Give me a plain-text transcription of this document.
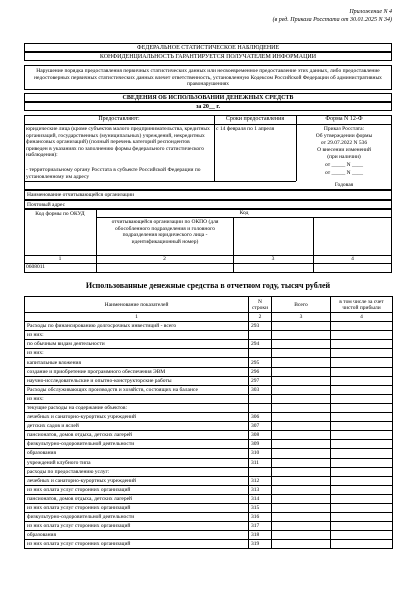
Приложение N 4
(в ред. Приказа Росстата от 30.01.2025 N 34)
ФЕДЕРАЛЬНОЕ СТАТИСТИЧЕСКОЕ НАБЛЮДЕНИЕ
КОНФИДЕНЦИАЛЬНОСТЬ ГАРАНТИРУЕТСЯ ПОЛУЧАТЕЛЕМ ИНФОРМАЦИИ
Нарушение порядка предоставления первичных статистических данных или несвоевременное предоставление этих данных, либо предоставление недостоверных первичных статистических данных влечет ответственность, установленную Кодексом Российской Федерации об административных правонарушениях
СВЕДЕНИЯ ОБ ИСПОЛЬЗОВАНИИ ДЕНЕЖНЫХ СРЕДСТВ
за 20__ г.
Предоставляют:	Сроки предоставления	Форма N 12-Ф
юридические лица (кроме субъектов малого предпринимательства, кредитных организаций, государственных (муниципальных) учреждений, некредитных финансовых организаций) (полный перечень категорий респондентов приведен в указаниях по заполнению формы федерального статистического наблюдения):
- территориальному органу Росстата в субъекте Российской Федерации по установленному им адресу
с 14 февраля по 1 апреля	Приказ Росстата:
Об утверждении формы
от 29.07.2022 N 536
О внесении изменений
(при наличии)
от _____ N ____
от _____ N ____
Годовая
Наименование отчитывающейся организации
Почтовый адрес
Код формы по ОКУД	Код
отчитывающейся организации по ОКПО (для обособленного подразделения и головного подразделения юридического лица - идентификационный номер)
1	2	3	4
0608011
Использованные денежные средства в отчетном году, тысяч рублей
Наименование показателей	N строки	Всего	в том числе за счет чистой прибыли
1	2	3	4
Расходы по финансированию долгосрочных инвестиций - всего	293		
из них:			
по обычным видам деятельности	294		
из них:			
капитальные вложения	295		
создание и приобретение программного обеспечения ЭВМ	296		
научно-исследовательские и опытно-конструкторские работы	297		
Расходы обслуживающих производств и хозяйств, состоящих на балансе	303		
из них:			
текущие расходы на содержание объектов:			
лечебных и санаторно-курортных учреждений	306		
детских садов и яслей	307		
пансионатов, домов отдыха, детских лагерей	308		
физкультурно-оздоровительной деятельности	309		
образования	310		
учреждений клубного типа	311		
расходы по предоставлению услуг:			
лечебных и санаторно-курортных учреждений	312		
из них оплата услуг сторонних организаций	313		
пансионатов, домов отдыха, детских лагерей	314		
из них оплата услуг сторонних организаций	315		
физкультурно-оздоровительной деятельности	316		
из них оплата услуг сторонних организаций	317		
образования	318		
из них оплата услуг сторонних организаций	319		
